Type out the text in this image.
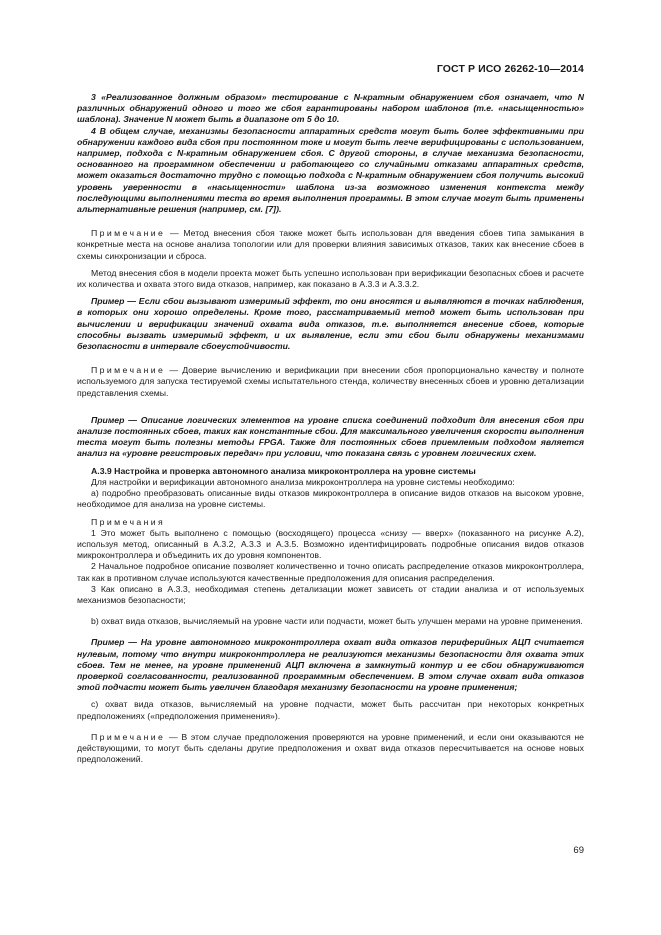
ГОСТ Р ИСО 26262-10—2014

3 «Реализованное должным образом» тестирование с N-кратным обнаружением сбоя означает, что N различных обнаружений одного и того же сбоя гарантированы набором шаблонов (т.е. «насыщенностью» шаблона). Значение N может быть в диапазоне от 5 до 10.

4 В общем случае, механизмы безопасности аппаратных средств могут быть более эффективными при обнаружении каждого вида сбоя при постоянном токе и могут быть легче верифицированы с использованием, например, подхода с N-кратным обнаружением сбоя. С другой стороны, в случае механизма безопасности, основанного на программном обеспечении и работающего со случайными отказами аппаратных средств, может оказаться достаточно трудно с помощью подхода с N-кратным обнаружением сбоя получить высокий уровень уверенности в «насыщенности» шаблона из-за возможного изменения контекста между последующими выполнениями теста во время выполнения программы. В этом случае могут быть применены альтернативные решения (например, см. [7]).

Примечание — Метод внесения сбоя также может быть использован для введения сбоев типа замыкания в конкретные места на основе анализа топологии или для проверки влияния зависимых отказов, таких как внесение сбоев в схемы синхронизации и сброса.

Метод внесения сбоя в модели проекта может быть успешно использован при верификации безопасных сбоев и расчете их количества и охвата этого вида отказов, например, как показано в А.3.3 и А.3.3.2.

Пример — Если сбои вызывают измеримый эффект, то они вносятся и выявляются в точках наблюдения, в которых они хорошо определены. Кроме того, рассматриваемый метод может быть использован при вычислении и верификации значений охвата вида отказов, т.е. выполняется внесение сбоев, которые способны вызвать измеримый эффект, и их выявление, если эти сбои были обнаружены механизмами безопасности в интервале сбоеустойчивости.

Примечание — Доверие вычислению и верификации при внесении сбоя пропорционально качеству и полноте используемого для запуска тестируемой схемы испытательного стенда, количеству внесенных сбоев и уровню детализации представления схемы.

Пример — Описание логических элементов на уровне списка соединений подходит для внесения сбоя при анализе постоянных сбоев, таких как константные сбои. Для максимального увеличения скорости выполнения теста могут быть полезны методы FPGA. Также для постоянных сбоев приемлемым подходом является анализ на «уровне регистровых передач» при условии, что показана связь с уровнем логических схем.

А.3.9 Настройка и проверка автономного анализа микроконтроллера на уровне системы

Для настройки и верификации автономного анализа микроконтроллера на уровне системы необходимо:

a) подробно преобразовать описанные виды отказов микроконтроллера в описание видов отказов на высоком уровне, необходимое для анализа на уровне системы.

Примечания

1 Это может быть выполнено с помощью (восходящего) процесса «снизу — вверх» (показанного на рисунке А.2), используя метод, описанный в А.3.2, А.3.3 и А.3.5. Возможно идентифицировать подробные описания видов отказов микроконтроллера и объединить их до уровня компонентов.

2 Начальное подробное описание позволяет количественно и точно описать распределение отказов микроконтроллера, так как в противном случае используются качественные предположения для описания распределения.

3 Как описано в А.3.3, необходимая степень детализации может зависеть от стадии анализа и от используемых механизмов безопасности;

b) охват вида отказов, вычисляемый на уровне части или подчасти, может быть улучшен мерами на уровне применения.

Пример — На уровне автономного микроконтроллера охват вида отказов периферийных АЦП считается нулевым, потому что внутри микроконтроллера не реализуются механизмы безопасности для охвата этих сбоев. Тем не менее, на уровне применений АЦП включена в замкнутый контур и ее сбои обнаруживаются проверкой согласованности, реализованной программным обеспечением. В этом случае охват вида отказов этой подчасти может быть увеличен благодаря механизму безопасности на уровне применения;

с) охват вида отказов, вычисляемый на уровне подчасти, может быть рассчитан при некоторых конкретных предположениях («предположения применения»).

Примечание — В этом случае предположения проверяются на уровне применений, и если они оказываются не действующими, то могут быть сделаны другие предположения и охват вида отказов пересчитывается на основе новых предположений.

69
